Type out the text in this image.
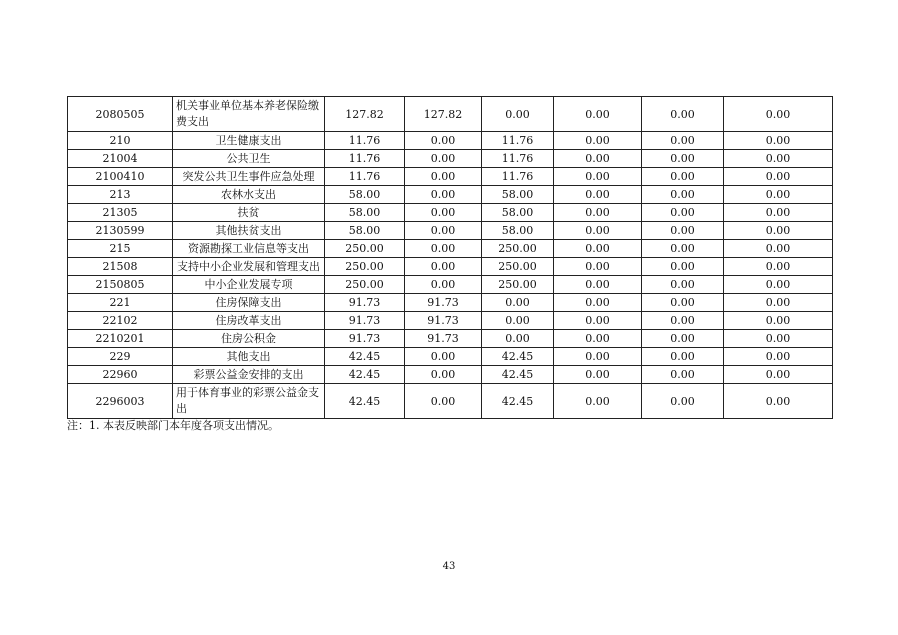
2080505	机关事业单位基本养老保险缴费支出	127.82	127.82	0.00	0.00	0.00	0.00
210	卫生健康支出	11.76	0.00	11.76	0.00	0.00	0.00
21004	公共卫生	11.76	0.00	11.76	0.00	0.00	0.00
2100410	突发公共卫生事件应急处理	11.76	0.00	11.76	0.00	0.00	0.00
213	农林水支出	58.00	0.00	58.00	0.00	0.00	0.00
21305	扶贫	58.00	0.00	58.00	0.00	0.00	0.00
2130599	其他扶贫支出	58.00	0.00	58.00	0.00	0.00	0.00
215	资源勘探工业信息等支出	250.00	0.00	250.00	0.00	0.00	0.00
21508	支持中小企业发展和管理支出	250.00	0.00	250.00	0.00	0.00	0.00
2150805	中小企业发展专项	250.00	0.00	250.00	0.00	0.00	0.00
221	住房保障支出	91.73	91.73	0.00	0.00	0.00	0.00
22102	住房改革支出	91.73	91.73	0.00	0.00	0.00	0.00
2210201	住房公积金	91.73	91.73	0.00	0.00	0.00	0.00
229	其他支出	42.45	0.00	42.45	0.00	0.00	0.00
22960	彩票公益金安排的支出	42.45	0.00	42.45	0.00	0.00	0.00
2296003	用于体育事业的彩票公益金支出	42.45	0.00	42.45	0.00	0.00	0.00
注：1. 本表反映部门本年度各项支出情况。
43
